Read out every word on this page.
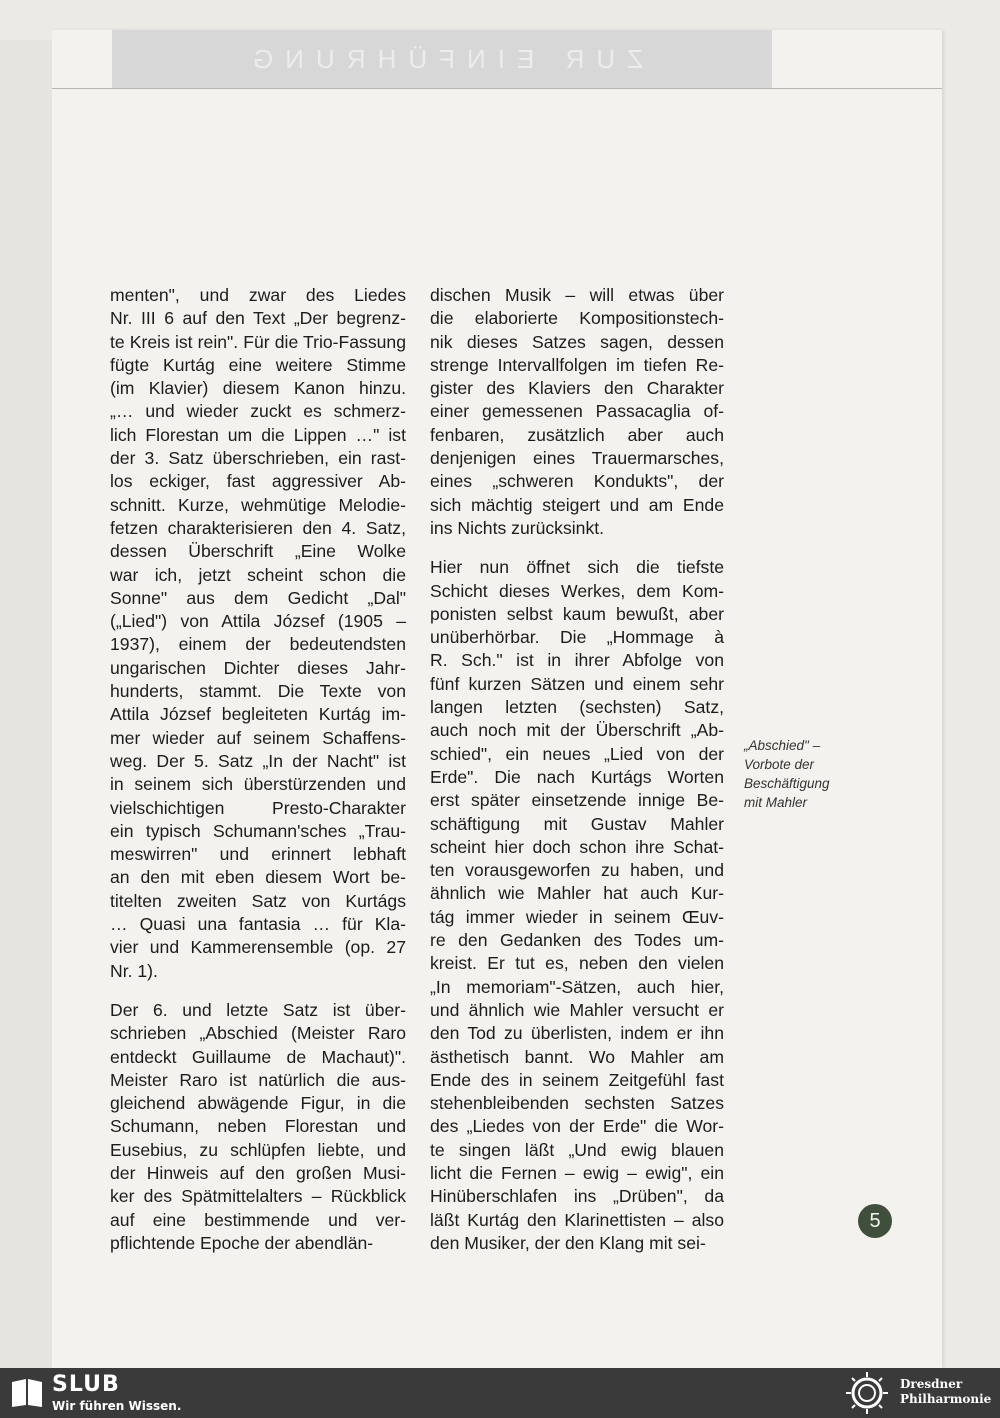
ZUR EINFÜHRUNG
menten", und zwar des Liedes
Nr. III 6 auf den Text „Der begrenz-
te Kreis ist rein". Für die Trio-Fassung
fügte Kurtág eine weitere Stimme
(im Klavier) diesem Kanon hinzu.
„… und wieder zuckt es schmerz-
lich Florestan um die Lippen …" ist
der 3. Satz überschrieben, ein rast-
los eckiger, fast aggressiver Ab-
schnitt. Kurze, wehmütige Melodie-
fetzen charakterisieren den 4. Satz,
dessen Überschrift „Eine Wolke
war ich, jetzt scheint schon die
Sonne" aus dem Gedicht „Dal"
(„Lied") von Attila József (1905 –
1937), einem der bedeutendsten
ungarischen Dichter dieses Jahr-
hunderts, stammt. Die Texte von
Attila József begleiteten Kurtág im-
mer wieder auf seinem Schaffens-
weg. Der 5. Satz „In der Nacht" ist
in seinem sich überstürzenden und
vielschichtigen Presto-Charakter
ein typisch Schumann'sches „Trau-
meswirren" und erinnert lebhaft
an den mit eben diesem Wort be-
titelten zweiten Satz von Kurtágs
… Quasi una fantasia … für Kla-
vier und Kammerensemble (op. 27
Nr. 1).
Der 6. und letzte Satz ist über-
schrieben „Abschied (Meister Raro
entdeckt Guillaume de Machaut)".
Meister Raro ist natürlich die aus-
gleichend abwägende Figur, in die
Schumann, neben Florestan und
Eusebius, zu schlüpfen liebte, und
der Hinweis auf den großen Musi-
ker des Spätmittelalters – Rückblick
auf eine bestimmende und ver-
pflichtende Epoche der abendlän-
dischen Musik – will etwas über
die elaborierte Kompositionstech-
nik dieses Satzes sagen, dessen
strenge Intervallfolgen im tiefen Re-
gister des Klaviers den Charakter
einer gemessenen Passacaglia of-
fenbaren, zusätzlich aber auch
denjenigen eines Trauermarsches,
eines „schweren Kondukts", der
sich mächtig steigert und am Ende
ins Nichts zurücksinkt.
Hier nun öffnet sich die tiefste
Schicht dieses Werkes, dem Kom-
ponisten selbst kaum bewußt, aber
unüberhörbar. Die „Hommage à
R. Sch." ist in ihrer Abfolge von
fünf kurzen Sätzen und einem sehr
langen letzten (sechsten) Satz,
auch noch mit der Überschrift „Ab-
schied", ein neues „Lied von der
Erde". Die nach Kurtágs Worten
erst später einsetzende innige Be-
schäftigung mit Gustav Mahler
scheint hier doch schon ihre Schat-
ten vorausgeworfen zu haben, und
ähnlich wie Mahler hat auch Kur-
tág immer wieder in seinem Œuv-
re den Gedanken des Todes um-
kreist. Er tut es, neben den vielen
„In memoriam"-Sätzen, auch hier,
und ähnlich wie Mahler versucht er
den Tod zu überlisten, indem er ihn
ästhetisch bannt. Wo Mahler am
Ende des in seinem Zeitgefühl fast
stehenbleibenden sechsten Satzes
des „Liedes von der Erde" die Wor-
te singen läßt „Und ewig blauen
licht die Fernen – ewig – ewig", ein
Hinüberschlafen ins „Drüben", da
läßt Kurtág den Klarinettisten – also
den Musiker, der den Klang mit sei-
„Abschied" –
Vorbote der
Beschäftigung
mit Mahler
5
SLUB
Wir führen Wissen.
Dresdner
Philharmonie
